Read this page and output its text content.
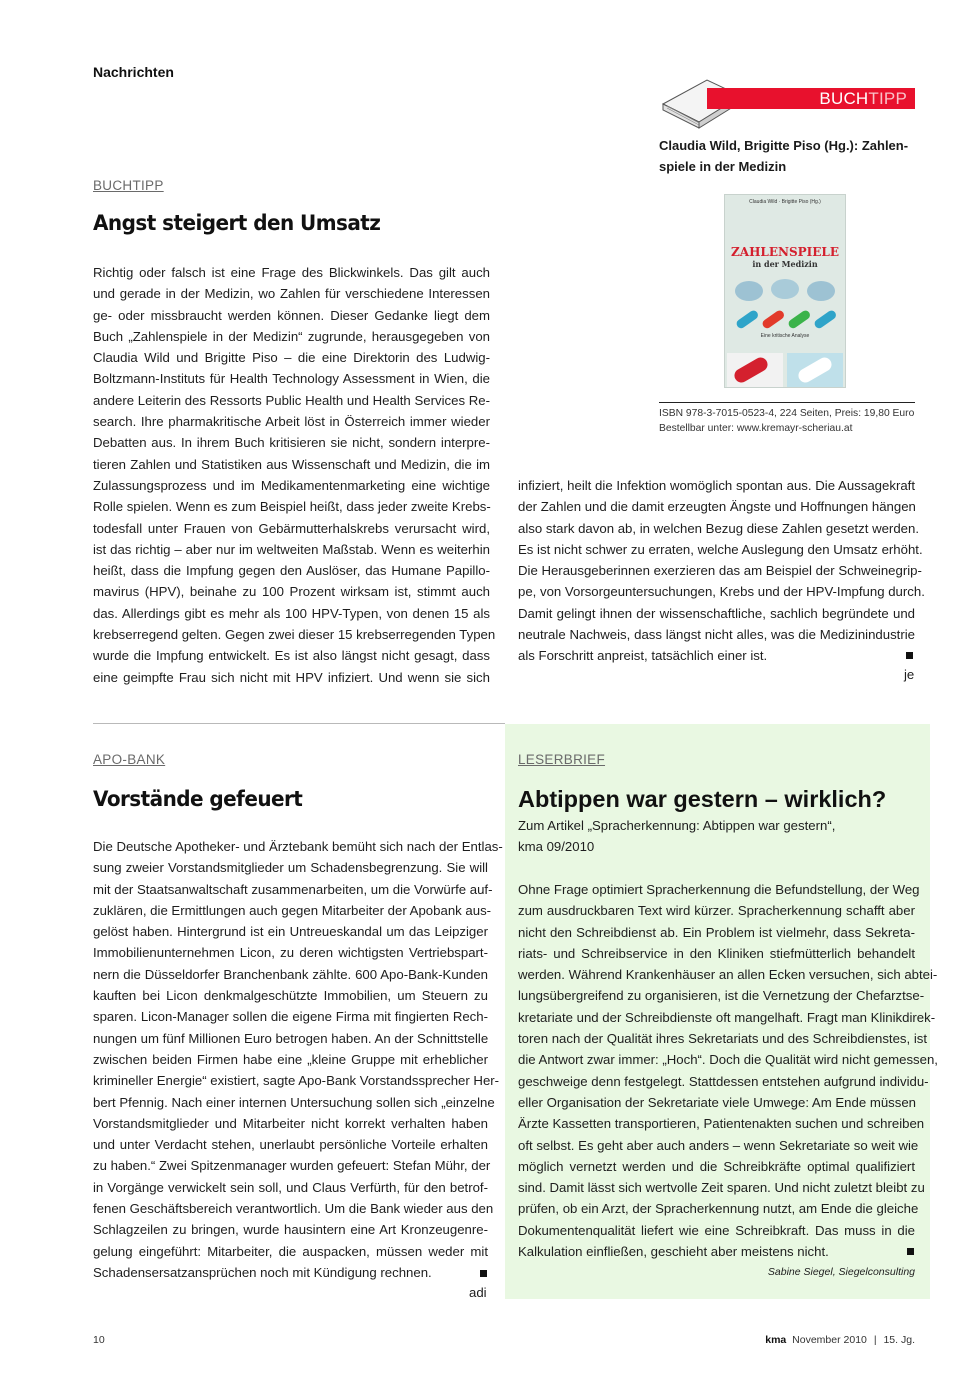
Nachrichten
BUCHTIPP
Claudia Wild, Brigitte Piso (Hg.): Zahlen-
spiele in der Medizin
Claudia Wild · Brigitte Piso (Hg.)
ZAHLENSPIELE
in der Medizin
Eine kritische Analyse
ISBN 978-3-7015-0523-4, 224 Seiten, Preis: 19,80 Euro
Bestellbar unter: www.kremayr-scheriau.at
BUCHTIPP
Angst steigert den Umsatz
Richtig oder falsch ist eine Frage des Blickwinkels. Das gilt auch
und gerade in der Medizin, wo Zahlen für verschiedene Interessen
ge- oder missbraucht werden können. Dieser Gedanke liegt dem
Buch „Zahlenspiele in der Medizin“ zugrunde, herausgegeben von
Claudia Wild und Brigitte Piso – die eine Direktorin des Ludwig-
Boltzmann-Instituts für Health Technology Assessment in Wien, die
andere Leiterin des Ressorts Public Health und Health Services Re-
search. Ihre pharmakritische Arbeit löst in Österreich immer wieder
Debatten aus. In ihrem Buch kritisieren sie nicht, sondern interpre-
tieren Zahlen und Statistiken aus Wissenschaft und Medizin, die im
Zulassungsprozess und im Medikamentenmarketing eine wichtige
Rolle spielen. Wenn es zum Beispiel heißt, dass jeder zweite Krebs-
todesfall unter Frauen von Gebärmutterhalskrebs verursacht wird,
ist das richtig – aber nur im weltweiten Maßstab. Wenn es weiterhin
heißt, dass die Impfung gegen den Auslöser, das Humane Papillo-
mavirus (HPV), beinahe zu 100 Prozent wirksam ist, stimmt auch
das. Allerdings gibt es mehr als 100 HPV-Typen, von denen 15 als
krebserregend gelten. Gegen zwei dieser 15 krebserregenden Typen
wurde die Impfung entwickelt. Es ist also längst nicht gesagt, dass
eine geimpfte Frau sich nicht mit HPV infiziert. Und wenn sie sich
infiziert, heilt die Infektion womöglich spontan aus. Die Aussagekraft
der Zahlen und die damit erzeugten Ängste und Hoffnungen hängen
also stark davon ab, in welchen Bezug diese Zahlen gesetzt werden.
Es ist nicht schwer zu erraten, welche Auslegung den Umsatz erhöht.
Die Herausgeberinnen exerzieren das am Beispiel der Schweinegrip-
pe, von Vorsorgeuntersuchungen, Krebs und der HPV-Impfung durch.
Damit gelingt ihnen der wissenschaftliche, sachlich begründete und
neutrale Nachweis, dass längst nicht alles, was die Medizinindustrie
als Forschritt anpreist, tatsächlich einer ist.
je
APO-BANK
Vorstände gefeuert
Die Deutsche Apotheker- und Ärztebank bemüht sich nach der Entlas-
sung zweier Vorstandsmitglieder um Schadensbegrenzung. Sie will
mit der Staatsanwaltschaft zusammenarbeiten, um die Vorwürfe auf-
zuklären, die Ermittlungen auch gegen Mitarbeiter der Apobank aus-
gelöst haben. Hintergrund ist ein Untreueskandal um das Leipziger
Immobilienunternehmen Licon, zu deren wichtigsten Vertriebspart-
nern die Düsseldorfer Branchenbank zählte. 600 Apo-Bank-Kunden
kauften bei Licon denkmalgeschützte Immobilien, um Steuern zu
sparen. Licon-Manager sollen die eigene Firma mit fingierten Rech-
nungen um fünf Millionen Euro betrogen haben. An der Schnittstelle
zwischen beiden Firmen habe eine „kleine Gruppe mit erheblicher
krimineller Energie“ existiert, sagte Apo-Bank Vorstandssprecher Her-
bert Pfennig. Nach einer internen Untersuchung sollen sich „einzelne
Vorstandsmitglieder und Mitarbeiter nicht korrekt verhalten haben
und unter Verdacht stehen, unerlaubt persönliche Vorteile erhalten
zu haben.“ Zwei Spitzenmanager wurden gefeuert: Stefan Mühr, der
in Vorgänge verwickelt sein soll, und Claus Verfürth, für den betrof-
fenen Geschäftsbereich verantwortlich. Um die Bank wieder aus den
Schlagzeilen zu bringen, wurde hausintern eine Art Kronzeugenre-
gelung eingeführt: Mitarbeiter, die auspacken, müssen weder mit
Schadensersatzansprüchen noch mit Kündigung rechnen.
adi
LESERBRIEF
Abtippen war gestern – wirklich?
Zum Artikel „Spracherkennung: Abtippen war gestern“,
kma 09/2010
Ohne Frage optimiert Spracherkennung die Befundstellung, der Weg
zum ausdruckbaren Text wird kürzer. Spracherkennung schafft aber
nicht den Schreibdienst ab. Ein Problem ist vielmehr, dass Sekreta-
riats- und Schreibservice in den Kliniken stiefmütterlich behandelt
werden. Während Krankenhäuser an allen Ecken versuchen, sich abtei-
lungsübergreifend zu organisieren, ist die Vernetzung der Chefarztse-
kretariate und der Schreibdienste oft mangelhaft. Fragt man Klinikdirek-
toren nach der Qualität ihres Sekretariats und des Schreibdienstes, ist
die Antwort zwar immer: „Hoch“. Doch die Qualität wird nicht gemessen,
geschweige denn festgelegt. Stattdessen entstehen aufgrund individu-
eller Organisation der Sekretariate viele Umwege: Am Ende müssen
Ärzte Kassetten transportieren, Patientenakten suchen und schreiben
oft selbst. Es geht aber auch anders – wenn Sekretariate so weit wie
möglich vernetzt werden und die Schreibkräfte optimal qualifiziert
sind. Damit lässt sich wertvolle Zeit sparen. Und nicht zuletzt bleibt zu
prüfen, ob ein Arzt, der Spracherkennung nutzt, am Ende die gleiche
Dokumentenqualität liefert wie eine Schreibkraft. Das muss in die
Kalkulation einfließen, geschieht aber meistens nicht.
Sabine Siegel, Siegelconsulting
10	kma November 2010 | 15. Jg.
